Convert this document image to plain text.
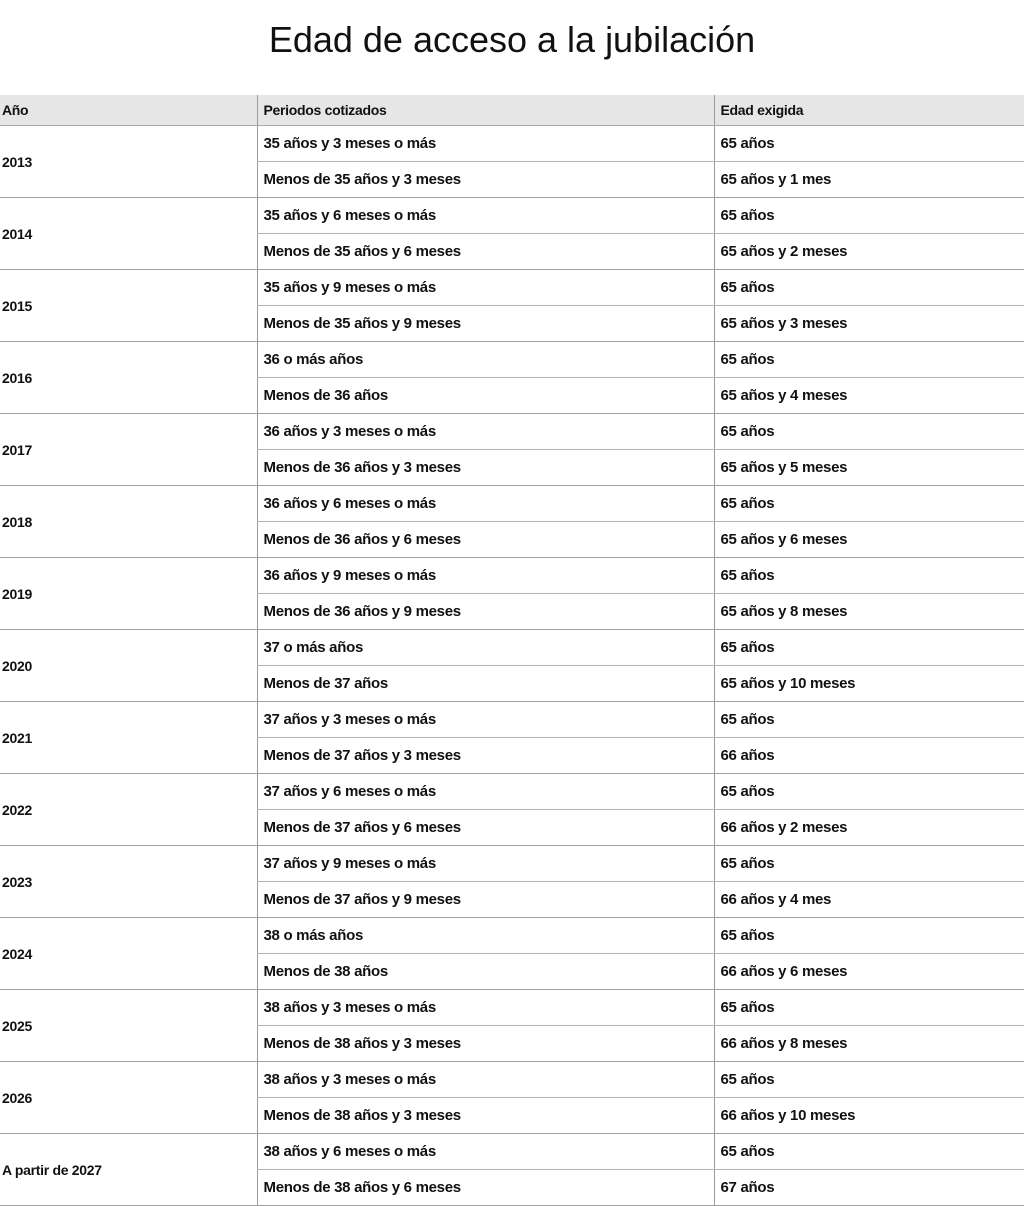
Edad de acceso a la jubilación
Año	Periodos cotizados	Edad exigida
2013	35 años y 3 meses o más	65 años
	Menos de 35 años y 3 meses	65 años y 1 mes
2014	35 años y 6 meses o más	65 años
	Menos de 35 años y 6 meses	65 años y 2 meses
2015	35 años y 9 meses o más	65 años
	Menos de 35 años y 9 meses	65 años y 3 meses
2016	36 o más años	65 años
	Menos de 36 años	65 años y 4 meses
2017	36 años y 3 meses o más	65 años
	Menos de 36 años y 3 meses	65 años y 5 meses
2018	36 años y 6 meses o más	65 años
	Menos de 36 años y 6 meses	65 años y 6 meses
2019	36 años y 9 meses o más	65 años
	Menos de 36 años y 9 meses	65 años y 8 meses
2020	37 o más años	65 años
	Menos de 37 años	65 años y 10 meses
2021	37 años y 3 meses o más	65 años
	Menos de 37 años y 3 meses	66 años
2022	37 años y 6 meses o más	65 años
	Menos de 37 años y 6 meses	66 años y 2 meses
2023	37 años y 9 meses o más	65 años
	Menos de 37 años y 9 meses	66 años y 4 mes
2024	38 o más años	65 años
	Menos de 38 años	66 años y 6 meses
2025	38 años y 3 meses o más	65 años
	Menos de 38 años y 3 meses	66 años y 8 meses
2026	38 años y 3 meses o más	65 años
	Menos de 38 años y 3 meses	66 años y 10 meses
A partir de 2027	38 años y 6 meses o más	65 años
	Menos de 38 años y 6 meses	67 años
